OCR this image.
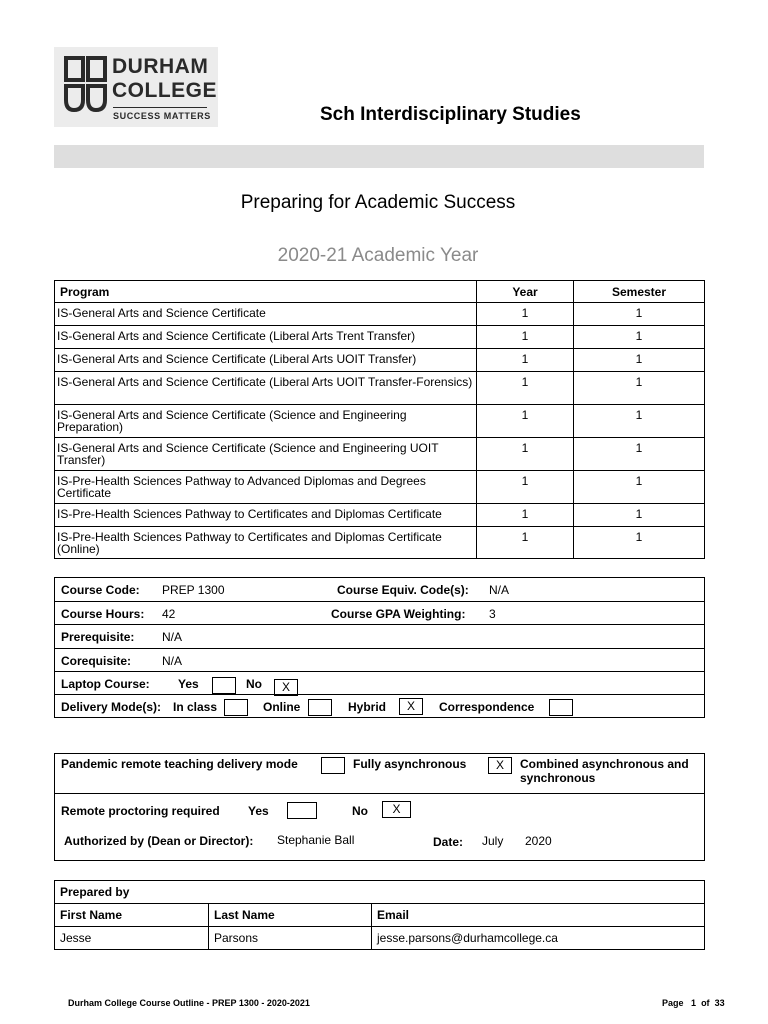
DURHAM
COLLEGE
SUCCESS MATTERS	Sch Interdisciplinary Studies
Preparing for Academic Success
2020-21 Academic Year
Program	Year	Semester
IS-General Arts and Science Certificate	1	1
IS-General Arts and Science Certificate (Liberal Arts Trent Transfer)	1	1
IS-General Arts and Science Certificate (Liberal Arts UOIT Transfer)	1	1
IS-General Arts and Science Certificate (Liberal Arts UOIT Transfer-Forensics)	1	1
IS-General Arts and Science Certificate (Science and Engineering Preparation)	1	1
IS-General Arts and Science Certificate (Science and Engineering UOIT Transfer)	1	1
IS-Pre-Health Sciences Pathway to Advanced Diplomas and Degrees Certificate	1	1
IS-Pre-Health Sciences Pathway to Certificates and Diplomas Certificate	1	1
IS-Pre-Health Sciences Pathway to Certificates and Diplomas Certificate (Online)	1	1
Course Code: PREP 1300	Course Equiv. Code(s): N/A
Course Hours: 42	Course GPA Weighting: 3
Prerequisite: N/A
Corequisite:	N/A
Laptop Course: Yes	No	X
Delivery Mode(s): In class	Online	Hybrid	X	Correspondence
Pandemic remote teaching delivery mode	Fully asynchronous	X	Combined asynchronous and
synchronous
Remote proctoring required Yes	No	X
Authorized by (Dean or Director): Stephanie Ball	Date: July 2020
Prepared by		
First Name	Last Name	Email
Jesse	Parsons	jesse.parsons@durhamcollege.ca
Durham College Course Outline - PREP 1300 - 2020-2021	Page 1 of 33
